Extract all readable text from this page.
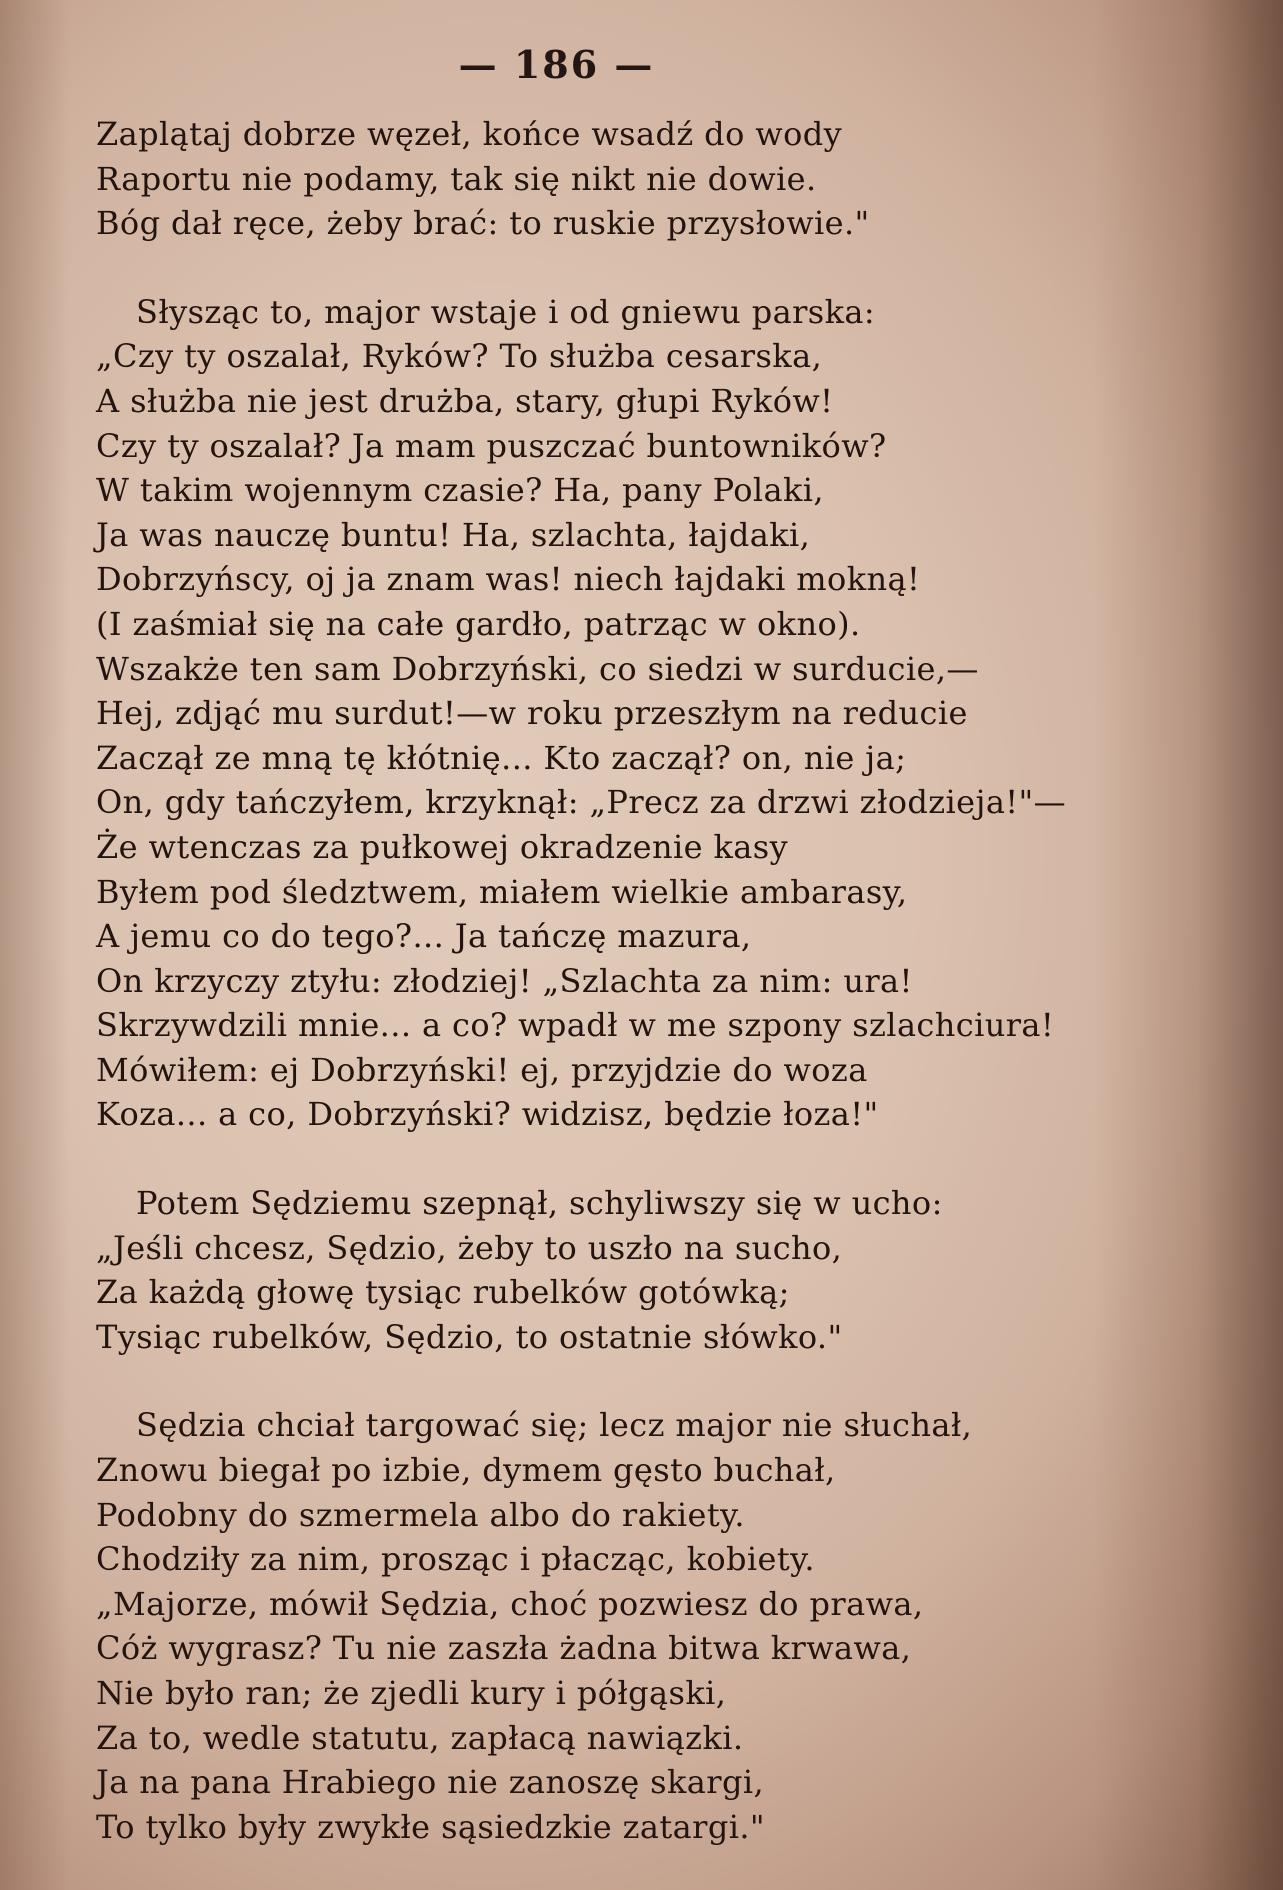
— 186 —
Zaplątaj dobrze węzeł, końce wsadź do wody
Raportu nie podamy, tak się nikt nie dowie.
Bóg dał ręce, żeby brać: to ruskie przysłowie."
Słysząc to, major wstaje i od gniewu parska:
„Czy ty oszalał, Ryków? To służba cesarska,
A służba nie jest drużba, stary, głupi Ryków!
Czy ty oszalał? Ja mam puszczać buntowników?
W takim wojennym czasie? Ha, pany Polaki,
Ja was nauczę buntu! Ha, szlachta, łajdaki,
Dobrzyńscy, oj ja znam was! niech łajdaki mokną!
(I zaśmiał się na całe gardło, patrząc w okno).
Wszakże ten sam Dobrzyński, co siedzi w surducie,—
Hej, zdjąć mu surdut!—w roku przeszłym na reducie
Zaczął ze mną tę kłótnię... Kto zaczął? on, nie ja;
On, gdy tańczyłem, krzyknął: „Precz za drzwi złodzieja!"—
Że wtenczas za pułkowej okradzenie kasy
Byłem pod śledztwem, miałem wielkie ambarasy,
A jemu co do tego?... Ja tańczę mazura,
On krzyczy ztyłu: złodziej! „Szlachta za nim: ura!
Skrzywdzili mnie... a co? wpadł w me szpony szlachciura!
Mówiłem: ej Dobrzyński! ej, przyjdzie do woza
Koza... a co, Dobrzyński? widzisz, będzie łoza!"
Potem Sędziemu szepnął, schyliwszy się w ucho:
„Jeśli chcesz, Sędzio, żeby to uszło na sucho,
Za każdą głowę tysiąc rubelków gotówką;
Tysiąc rubelków, Sędzio, to ostatnie słówko."
Sędzia chciał targować się; lecz major nie słuchał,
Znowu biegał po izbie, dymem gęsto buchał,
Podobny do szmermela albo do rakiety.
Chodziły za nim, prosząc i płacząc, kobiety.
„Majorze, mówił Sędzia, choć pozwiesz do prawa,
Cóż wygrasz? Tu nie zaszła żadna bitwa krwawa,
Nie było ran; że zjedli kury i półgąski,
Za to, wedle statutu, zapłacą nawiązki.
Ja na pana Hrabiego nie zanoszę skargi,
To tylko były zwykłe sąsiedzkie zatargi."
